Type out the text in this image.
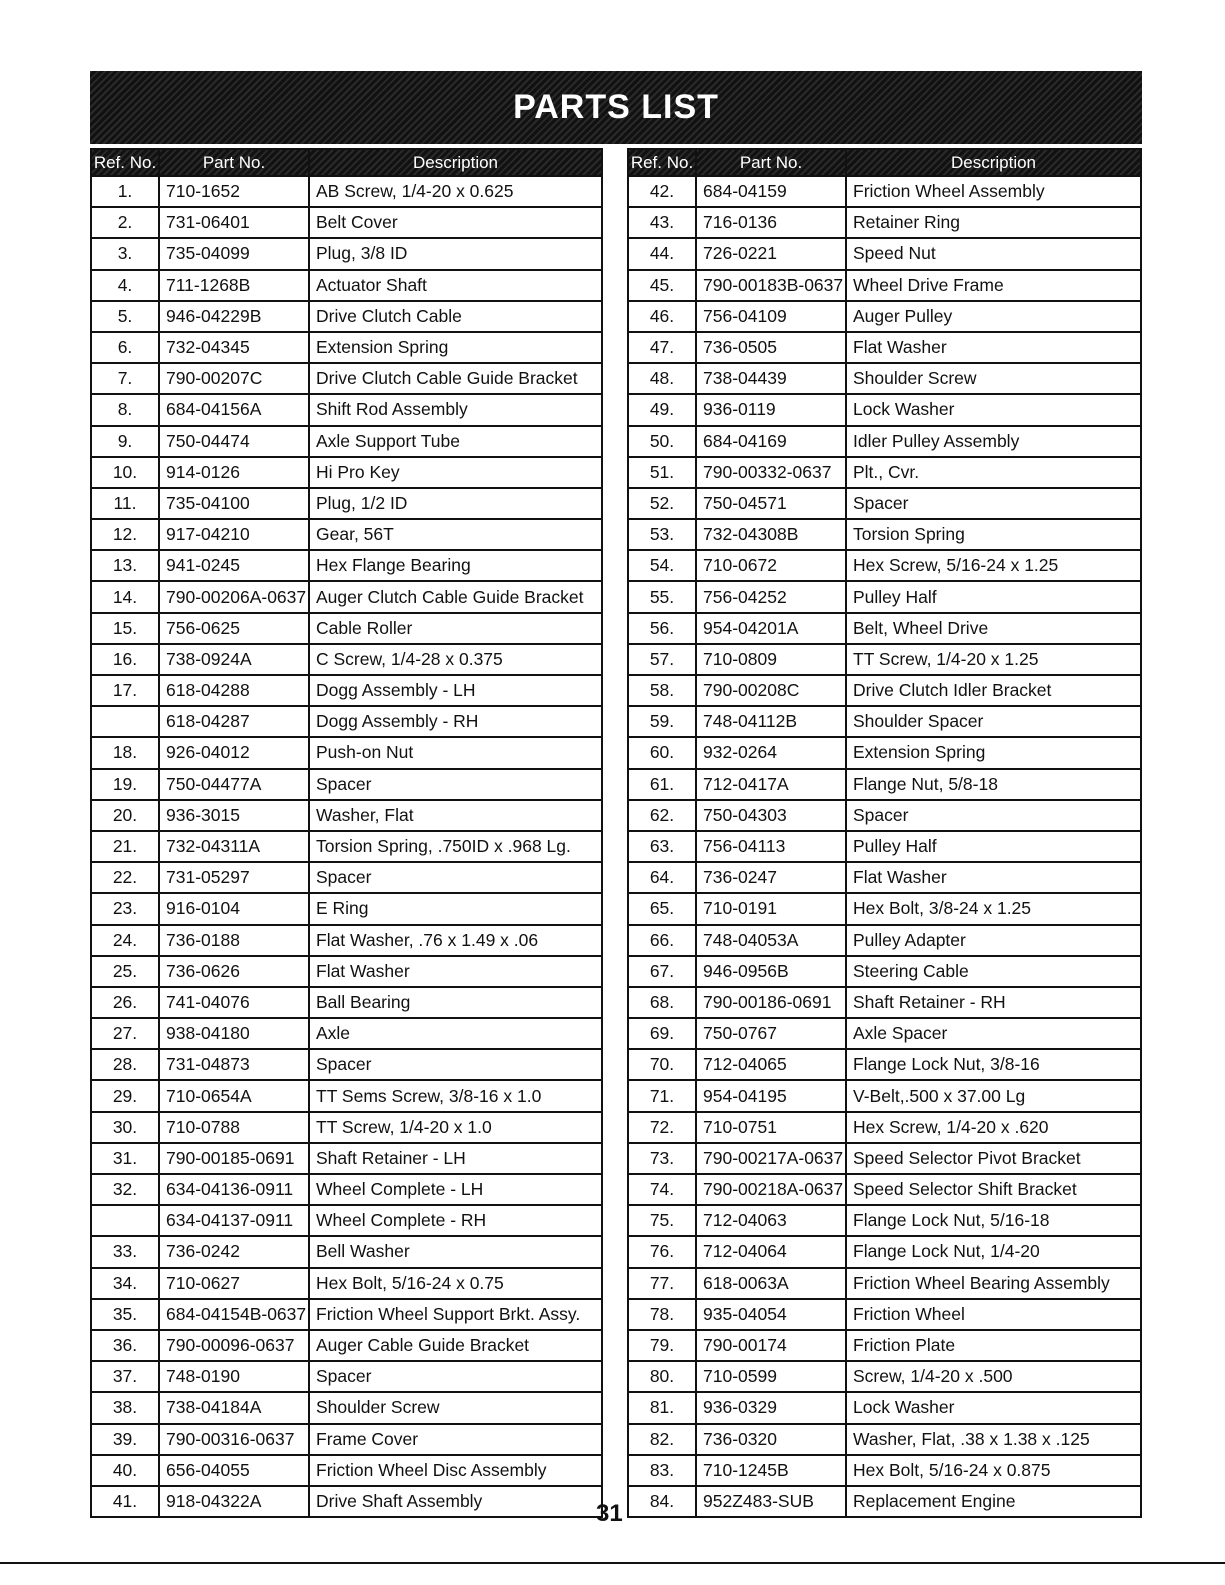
PARTS LIST
Ref. No.	Part No.	Description
1.	710-1652	AB Screw, 1/4-20 x 0.625
2.	731-06401	Belt Cover
3.	735-04099	Plug, 3/8 ID
4.	711-1268B	Actuator Shaft
5.	946-04229B	Drive Clutch Cable
6.	732-04345	Extension Spring
7.	790-00207C	Drive Clutch Cable Guide Bracket
8.	684-04156A	Shift Rod Assembly
9.	750-04474	Axle Support Tube
10.	914-0126	Hi Pro Key
11.	735-04100	Plug, 1/2 ID
12.	917-04210	Gear, 56T
13.	941-0245	Hex Flange Bearing
14.	790-00206A-0637	Auger Clutch Cable Guide Bracket
15.	756-0625	Cable Roller
16.	738-0924A	C Screw, 1/4-28 x 0.375
17.	618-04288	Dogg Assembly - LH
	618-04287	Dogg Assembly - RH
18.	926-04012	Push-on Nut
19.	750-04477A	Spacer
20.	936-3015	Washer, Flat
21.	732-04311A	Torsion Spring, .750ID x .968 Lg.
22.	731-05297	Spacer
23.	916-0104	E Ring
24.	736-0188	Flat Washer, .76 x 1.49 x .06
25.	736-0626	Flat Washer
26.	741-04076	Ball Bearing
27.	938-04180	Axle
28.	731-04873	Spacer
29.	710-0654A	TT Sems Screw, 3/8-16 x 1.0
30.	710-0788	TT Screw, 1/4-20 x 1.0
31.	790-00185-0691	Shaft Retainer - LH
32.	634-04136-0911	Wheel Complete - LH
	634-04137-0911	Wheel Complete - RH
33.	736-0242	Bell Washer
34.	710-0627	Hex Bolt, 5/16-24 x 0.75
35.	684-04154B-0637	Friction Wheel Support Brkt. Assy.
36.	790-00096-0637	Auger Cable Guide Bracket
37.	748-0190	Spacer
38.	738-04184A	Shoulder Screw
39.	790-00316-0637	Frame Cover
40.	656-04055	Friction Wheel Disc Assembly
41.	918-04322A	Drive Shaft Assembly
Ref. No.	Part No.	Description
42.	684-04159	Friction Wheel Assembly
43.	716-0136	Retainer Ring
44.	726-0221	Speed Nut
45.	790-00183B-0637	Wheel Drive Frame
46.	756-04109	Auger Pulley
47.	736-0505	Flat Washer
48.	738-04439	Shoulder Screw
49.	936-0119	Lock Washer
50.	684-04169	Idler Pulley Assembly
51.	790-00332-0637	Plt., Cvr.
52.	750-04571	Spacer
53.	732-04308B	Torsion Spring
54.	710-0672	Hex Screw, 5/16-24 x 1.25
55.	756-04252	Pulley Half
56.	954-04201A	Belt, Wheel Drive
57.	710-0809	TT Screw, 1/4-20 x 1.25
58.	790-00208C	Drive Clutch Idler Bracket
59.	748-04112B	Shoulder Spacer
60.	932-0264	Extension Spring
61.	712-0417A	Flange Nut, 5/8-18
62.	750-04303	Spacer
63.	756-04113	Pulley Half
64.	736-0247	Flat Washer
65.	710-0191	Hex Bolt, 3/8-24 x 1.25
66.	748-04053A	Pulley Adapter
67.	946-0956B	Steering Cable
68.	790-00186-0691	Shaft Retainer - RH
69.	750-0767	Axle Spacer
70.	712-04065	Flange Lock Nut, 3/8-16
71.	954-04195	V-Belt,.500 x 37.00 Lg
72.	710-0751	Hex Screw, 1/4-20 x .620
73.	790-00217A-0637	Speed Selector Pivot Bracket
74.	790-00218A-0637	Speed Selector Shift Bracket
75.	712-04063	Flange Lock Nut, 5/16-18
76.	712-04064	Flange Lock Nut, 1/4-20
77.	618-0063A	Friction Wheel Bearing Assembly
78.	935-04054	Friction Wheel
79.	790-00174	Friction Plate
80.	710-0599	Screw, 1/4-20 x .500
81.	936-0329	Lock Washer
82.	736-0320	Washer, Flat, .38 x 1.38 x .125
83.	710-1245B	Hex Bolt, 5/16-24 x 0.875
84.	952Z483-SUB	Replacement Engine
31
